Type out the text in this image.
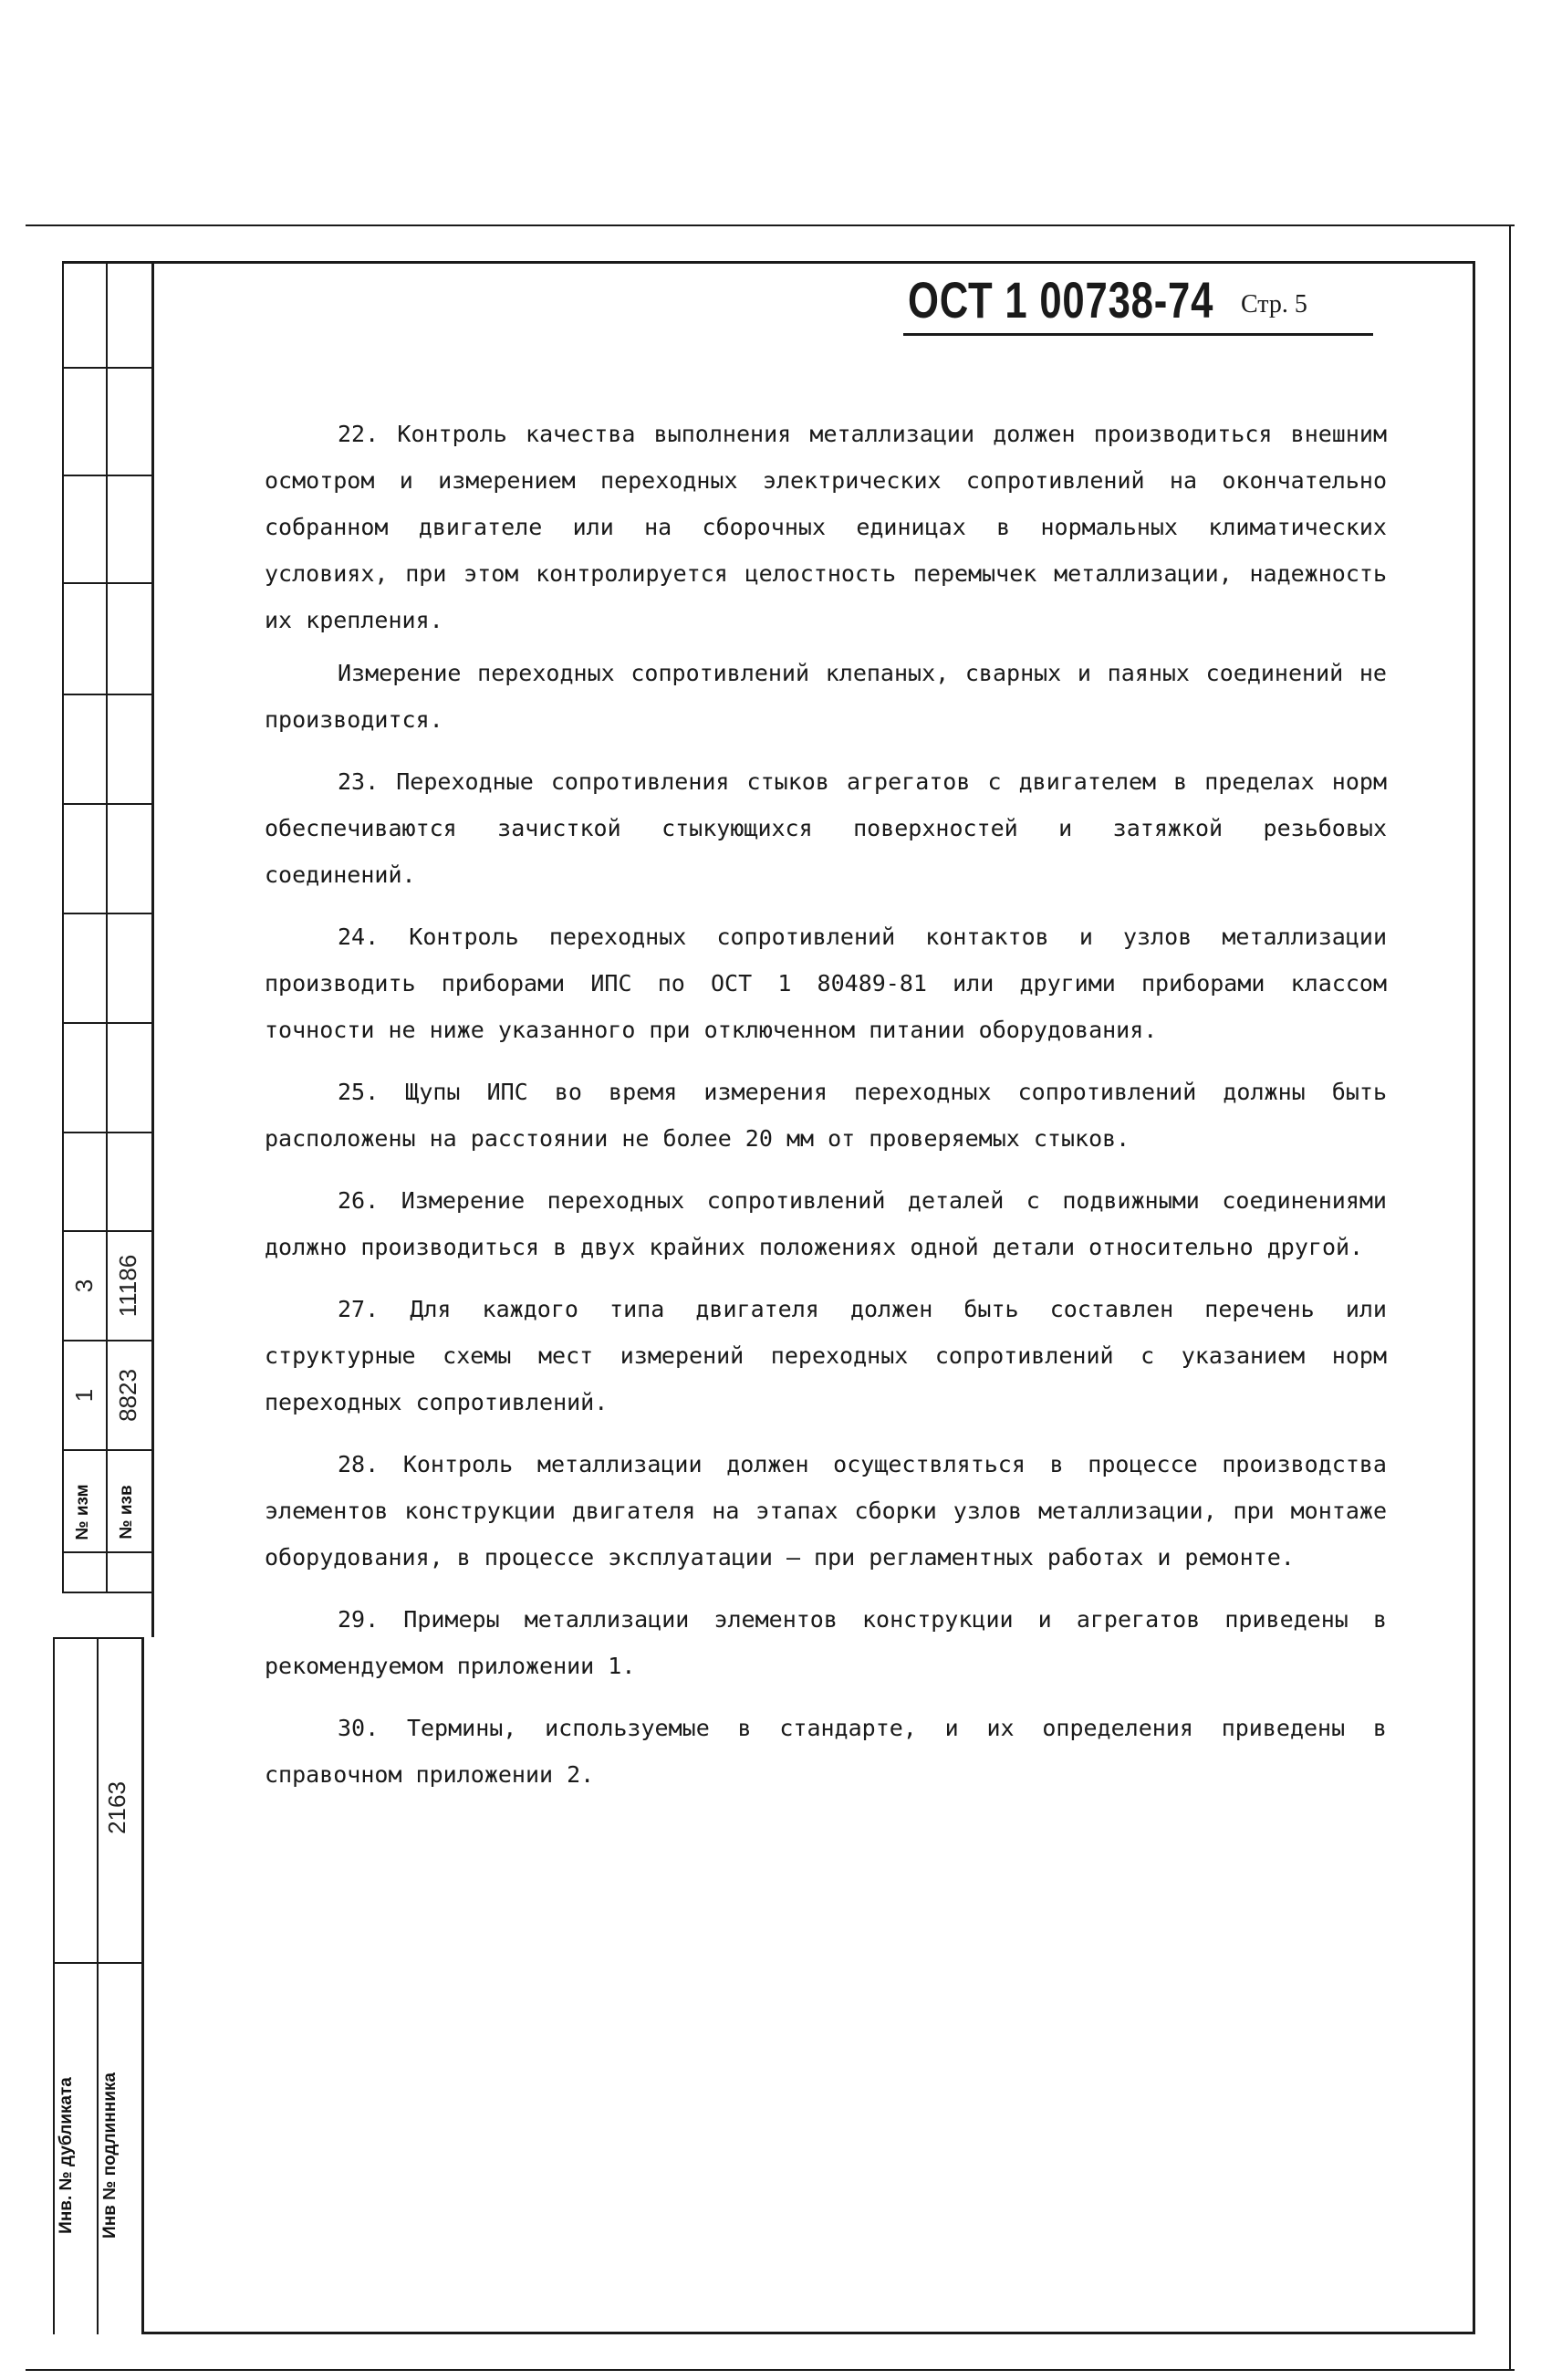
3
1
11186
8823
№ изм № изв
2163
Инв. № дубликата Инв № подлинника
ОСТ 1 00738-74 Стр. 5

22. Контроль качества выполнения металлизации должен производиться внешним осмотром и измерением переходных электрических сопротивлений на окончательно собранном двигателе или на сборочных единицах в нормальных климатических условиях, при этом контролируется целостность перемычек металлизации, надежность их крепления.

Измерение переходных сопротивлений клепаных, сварных и паяных соединений не производится.

23. Переходные сопротивления стыков агрегатов с двигателем в пределах норм обеспечиваются зачисткой стыкующихся поверхностей и затяжкой резьбовых соединений.

24. Контроль переходных сопротивлений контактов и узлов металлизации производить приборами ИПС по ОСТ 1 80489-81 или другими приборами классом точности не ниже указанного при отключенном питании оборудования.

25. Щупы ИПС во время измерения переходных сопротивлений должны быть расположены на расстоянии не более 20 мм от проверяемых стыков.

26. Измерение переходных сопротивлений деталей с подвижными соединениями должно производиться в двух крайних положениях одной детали относительно другой.

27. Для каждого типа двигателя должен быть составлен перечень или структурные схемы мест измерений переходных сопротивлений с указанием норм переходных сопротивлений.

28. Контроль металлизации должен осуществляться в процессе производства элементов конструкции двигателя на этапах сборки узлов металлизации, при монтаже оборудования, в процессе эксплуатации – при регламентных работах и ремонте.

29. Примеры металлизации элементов конструкции и агрегатов приведены в рекомендуемом приложении 1.

30. Термины, используемые в стандарте, и их определения приведены в справочном приложении 2.
